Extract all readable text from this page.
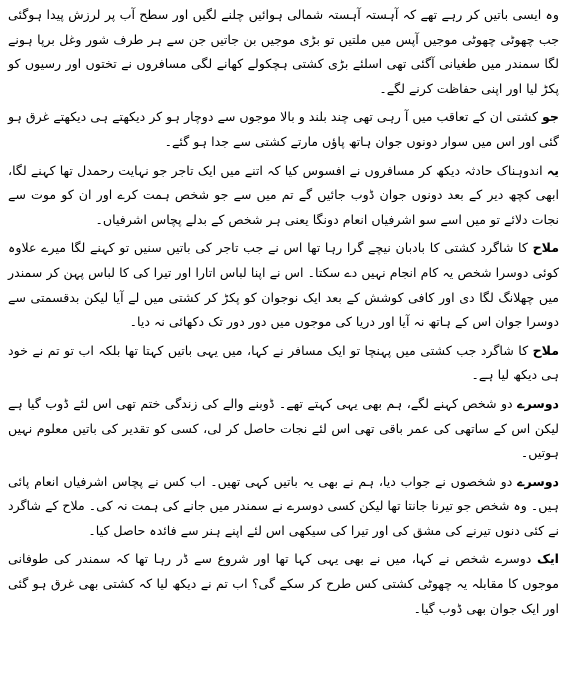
وہ ایسی باتیں کر رہے تھے کہ آہستہ آہستہ شمالی ہوائیں چلنے لگیں اور سطح آب پر لرزش پیدا ہوگئی جب چھوٹی چھوٹی موجیں آپس میں ملتیں تو بڑی موجیں بن جاتیں جن سے ہر طرف شور وغل برپا ہونے لگا سمندر میں طغیانی آگئی تھی اسلئے بڑی کشتی ہچکولے کھانے لگی مسافروں نے تختوں اور رسیوں کو پکڑ لیا اور اپنی حفاظت کرنے لگے۔

جو کشتی ان کے تعاقب میں آ رہی تھی چند بلند و بالا موجوں سے دوچار ہو کر دیکھتے ہی دیکھتے غرق ہو گئی اور اس میں سوار دونوں جوان ہاتھ پاؤں مارتے کشتی سے جدا ہو گئے۔

یہ اندوہناک حادثہ دیکھ کر مسافروں نے افسوس کیا کہ اتنے میں ایک تاجر جو نہایت رحمدل تھا کہنے لگا، ابھی کچھ دیر کے بعد دونوں جوان ڈوب جائیں گے تم میں سے جو شخص ہمت کرے اور ان کو موت سے نجات دلائے تو میں اسے سو اشرفیاں انعام دونگا یعنی ہر شخص کے بدلے پچاس اشرفیاں۔

ملاح کا شاگرد کشتی کا بادبان نیچے گرا رہا تھا اس نے جب تاجر کی باتیں سنیں تو کہنے لگا میرے علاوہ کوئی دوسرا شخص یہ کام انجام نہیں دے سکتا۔ اس نے اپنا لباس اتارا اور تیرا کی کا لباس پہن کر سمندر میں چھلانگ لگا دی اور کافی کوشش کے بعد ایک نوجوان کو پکڑ کر کشتی میں لے آیا لیکن بدقسمتی سے دوسرا جوان اس کے ہاتھ نہ آیا اور دریا کی موجوں میں دور دور تک دکھائی نہ دیا۔

ملاح کا شاگرد جب کشتی میں پہنچا تو ایک مسافر نے کہا، میں یہی باتیں کہتا تھا بلکہ اب تو تم نے خود ہی دیکھ لیا ہے۔

دوسرے دو شخص کہنے لگے، ہم بھی یہی کہتے تھے۔ ڈوبنے والے کی زندگی ختم تھی اس لئے ڈوب گیا ہے لیکن اس کے ساتھی کی عمر باقی تھی اس لئے نجات حاصل کر لی، کسی کو تقدیر کی باتیں معلوم نہیں ہوتیں۔

دوسرے دو شخصوں نے جواب دیا، ہم نے بھی یہ باتیں کہی تھیں۔ اب کس نے پچاس اشرفیاں انعام پائی ہیں۔ وہ شخص جو تیرنا جانتا تھا لیکن کسی دوسرے نے سمندر میں جانے کی ہمت نہ کی۔ ملاح کے شاگرد نے کئی دنوں تیرنے کی مشق کی اور تیرا کی سیکھی اس لئے اپنے ہنر سے فائدہ حاصل کیا۔

ایک دوسرے شخص نے کہا، میں نے بھی یہی کہا تھا اور شروع سے ڈر رہا تھا کہ سمندر کی طوفانی موجوں کا مقابلہ یہ چھوٹی کشتی کس طرح کر سکے گی؟ اب تم نے دیکھ لیا کہ کشتی بھی غرق ہو گئی اور ایک جوان بھی ڈوب گیا۔
